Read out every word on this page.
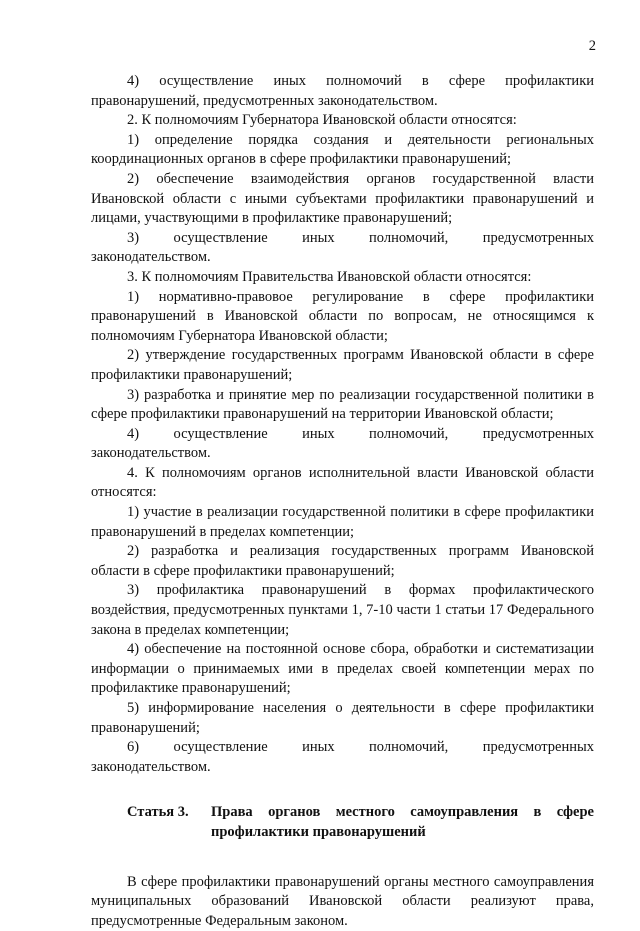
2

4) осуществление иных полномочий в сфере профилактики правонарушений, предусмотренных законодательством.

2. К полномочиям Губернатора Ивановской области относятся:

1) определение порядка создания и деятельности региональных координационных органов в сфере профилактики правонарушений;

2) обеспечение взаимодействия органов государственной власти Ивановской области с иными субъектами профилактики правонарушений и лицами, участвующими в профилактике правонарушений;

3) осуществление иных полномочий, предусмотренных законодательством.

3. К полномочиям Правительства Ивановской области относятся:

1) нормативно-правовое регулирование в сфере профилактики правонарушений в Ивановской области по вопросам, не относящимся к полномочиям Губернатора Ивановской области;

2) утверждение государственных программ Ивановской области в сфере профилактики правонарушений;

3) разработка и принятие мер по реализации государственной политики в сфере профилактики правонарушений на территории Ивановской области;

4) осуществление иных полномочий, предусмотренных законодательством.

4. К полномочиям органов исполнительной власти Ивановской области относятся:

1) участие в реализации государственной политики в сфере профилактики правонарушений в пределах компетенции;

2) разработка и реализация государственных программ Ивановской области в сфере профилактики правонарушений;

3) профилактика правонарушений в формах профилактического воздействия, предусмотренных пунктами 1, 7-10 части 1 статьи 17 Федерального закона в пределах компетенции;

4) обеспечение на постоянной основе сбора, обработки и систематизации информации о принимаемых ими в пределах своей компетенции мерах по профилактике правонарушений;

5) информирование населения о деятельности в сфере профилактики правонарушений;

6) осуществление иных полномочий, предусмотренных законодательством.

Статья 3.	Права органов местного самоуправления в сфере профилактики правонарушений

В сфере профилактики правонарушений органы местного самоуправления муниципальных образований Ивановской области реализуют права, предусмотренные Федеральным законом.
